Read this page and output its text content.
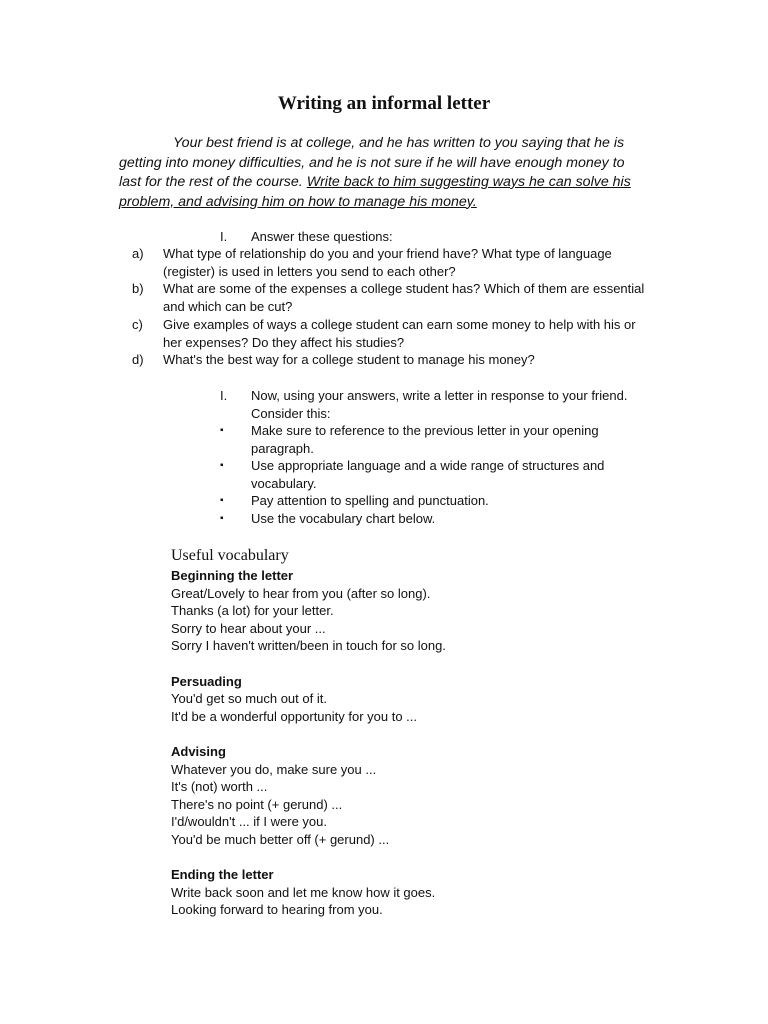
Writing an informal letter
Your best friend is at college, and he has written to you saying that he is getting into money difficulties, and he is not sure if he will have enough money to last for the rest of the course. Write back to him suggesting ways he can solve his problem, and advising him on how to manage his money.
I. Answer these questions:
a)	What type of relationship do you and your friend have? What type of language (register) is used in letters you send to each other?
b)	What are some of the expenses a college student has? Which of them are essential and which can be cut?
c)	Give examples of ways a college student can earn some money to help with his or her expenses? Do they affect his studies?
d)	What's the best way for a college student to manage his money?
I.	Now, using your answers, write a letter in response to your friend. Consider this:
▪	Make sure to reference to the previous letter in your opening paragraph.
▪	Use appropriate language and a wide range of structures and vocabulary.
▪	Pay attention to spelling and punctuation.
▪	Use the vocabulary chart below.
Useful vocabulary
Beginning the letter
Great/Lovely to hear from you (after so long).
Thanks (a lot) for your letter.
Sorry to hear about your ...
Sorry I haven't written/been in touch for so long.
Persuading
You'd get so much out of it.
It'd be a wonderful opportunity for you to ...
Advising
Whatever you do, make sure you ...
It's (not) worth ...
There's no point (+ gerund) ...
I'd/wouldn't ... if I were you.
You'd be much better off (+ gerund) ...
Ending the letter
Write back soon and let me know how it goes.
Looking forward to hearing from you.
